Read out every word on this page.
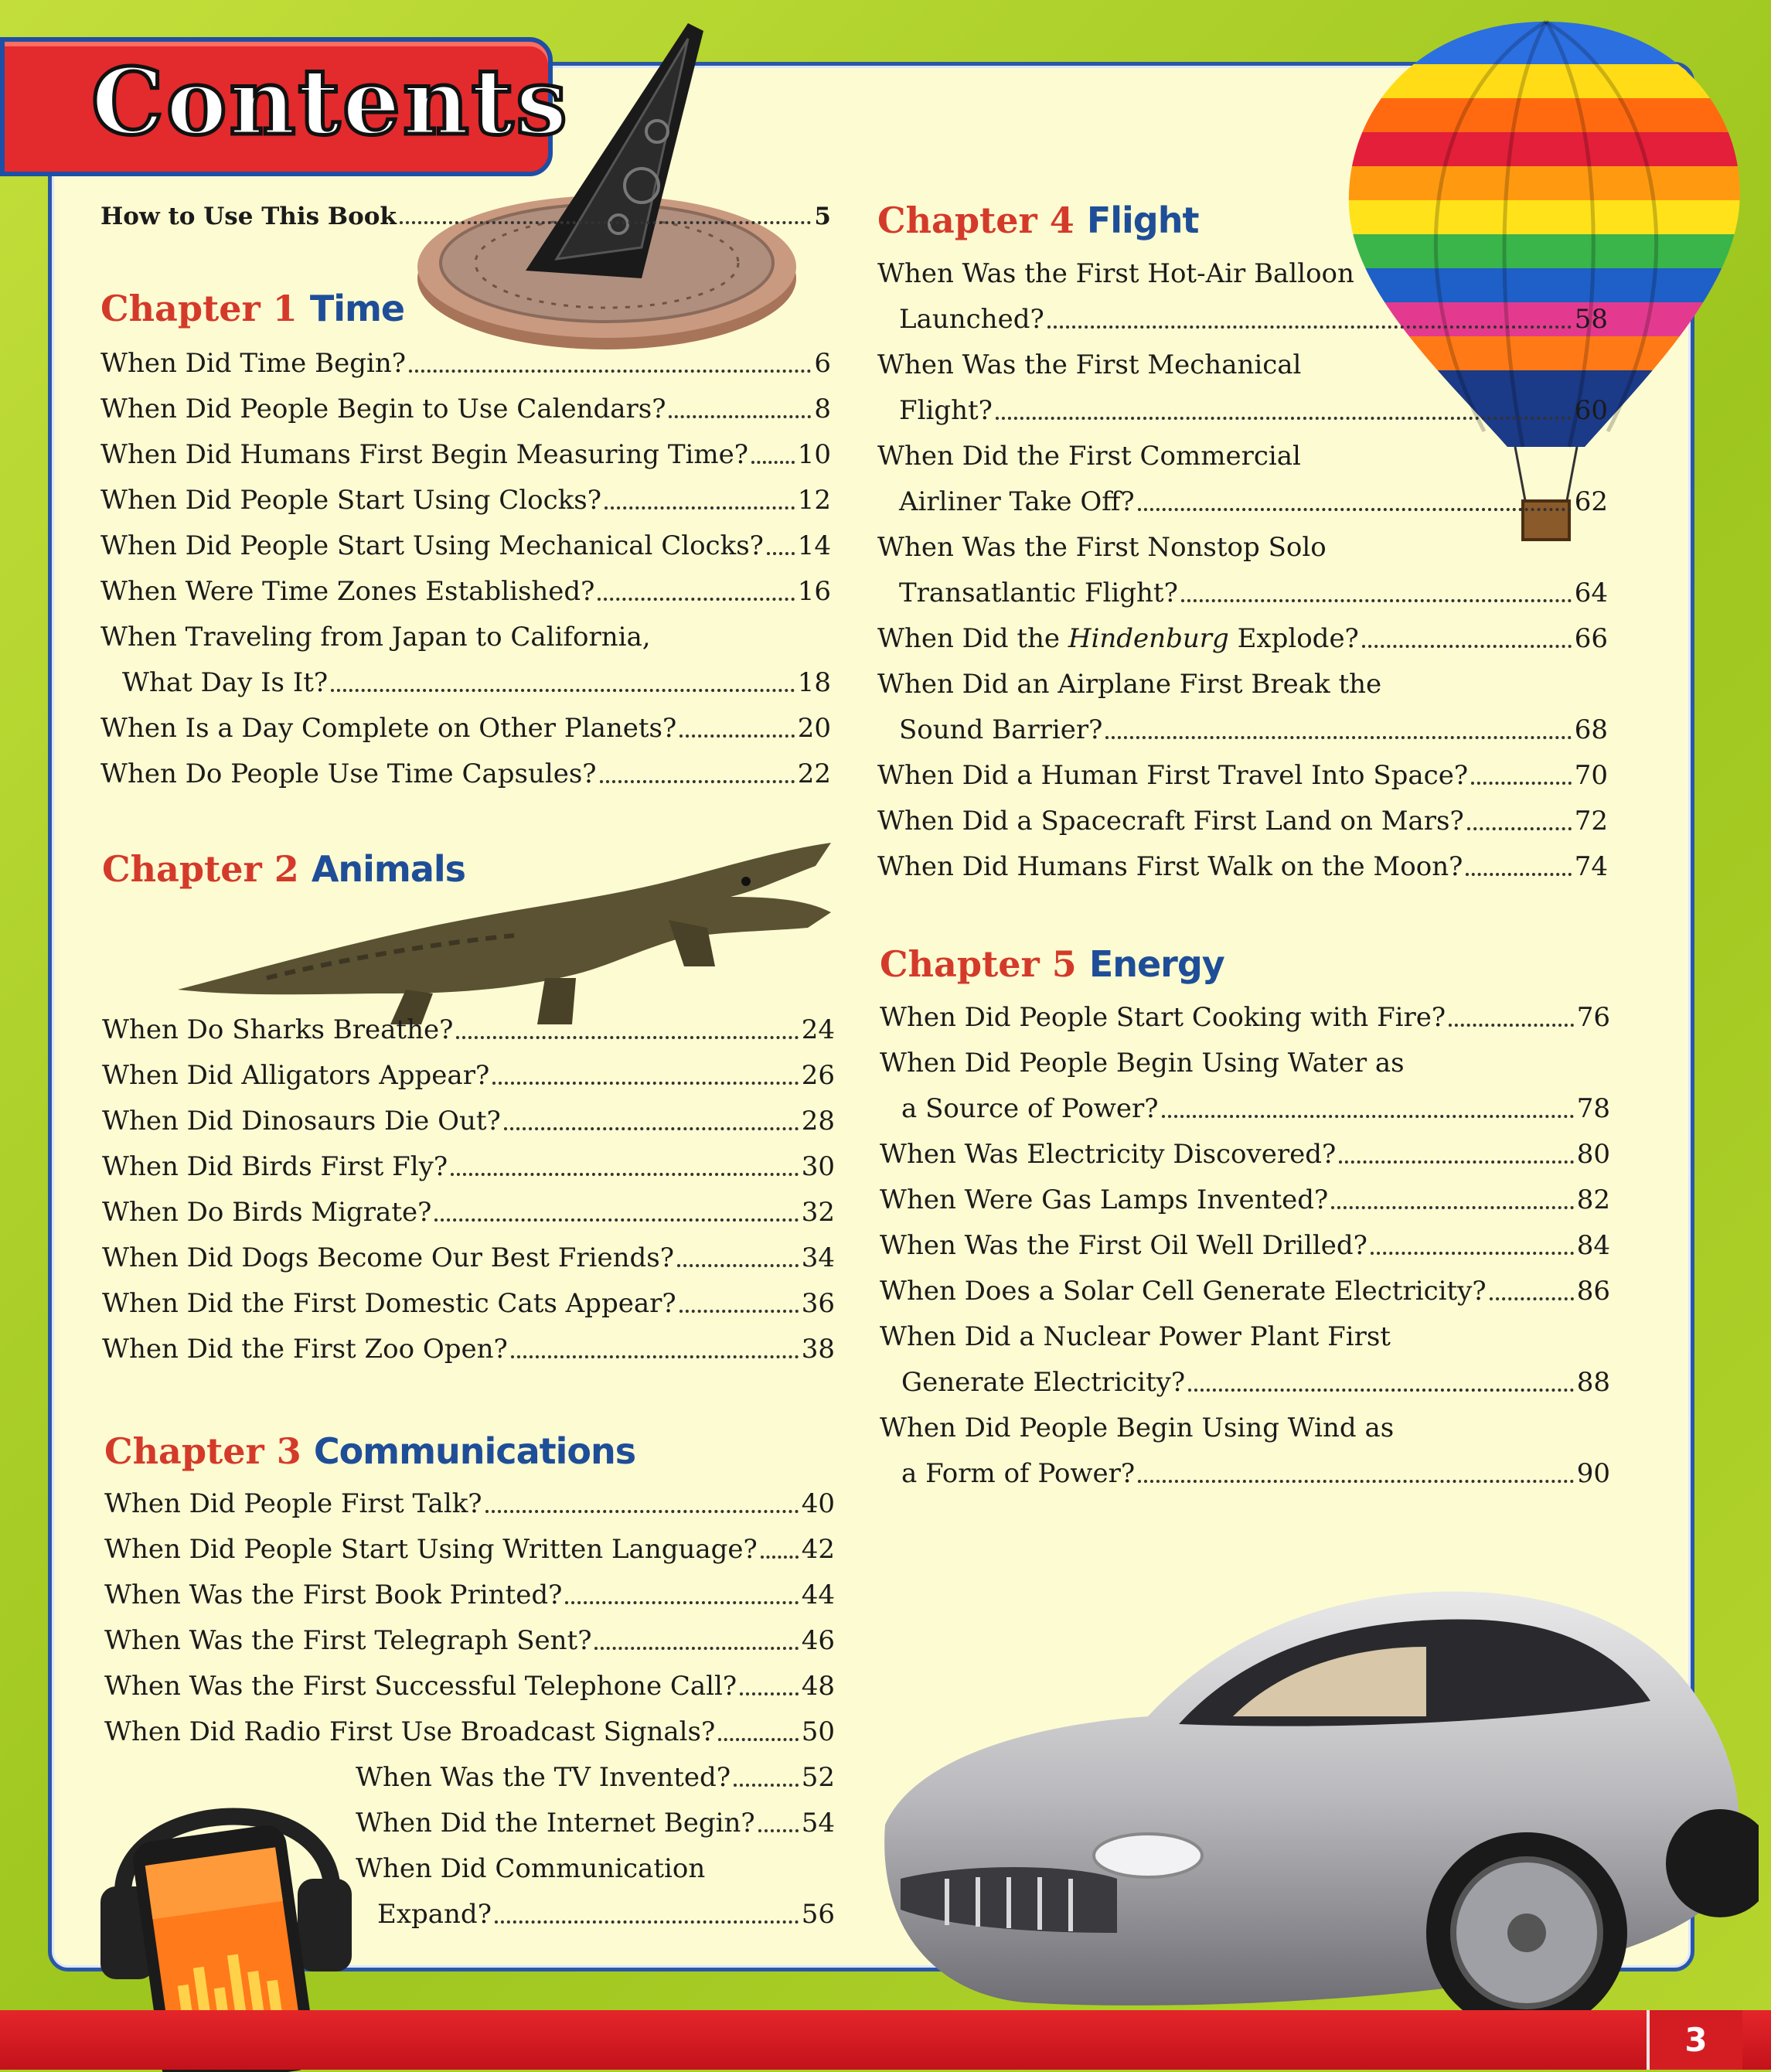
Contents
3
How to Use This Book	5
Chapter 1 Time
When Did Time Begin?	6
When Did People Begin to Use Calendars?	8
When Did Humans First Begin Measuring Time? 10
When Did People Start Using Clocks?	12
When Did People Start Using Mechanical Clocks? 14
When Were Time Zones Established?	16
When Traveling from Japan to California,
What Day Is It?	18
When Is a Day Complete on Other Planets?	20
When Do People Use Time Capsules?	22
Chapter 2 Animals
When Do Sharks Breathe?	24
When Did Alligators Appear?	26
When Did Dinosaurs Die Out?	28
When Did Birds First Fly?	30
When Do Birds Migrate?	32
When Did Dogs Become Our Best Friends?	34
When Did the First Domestic Cats Appear?	36
When Did the First Zoo Open?	38
Chapter 3 Communications
When Did People First Talk?	40
When Did People Start Using Written Language? 42
When Was the First Book Printed?	44
When Was the First Telegraph Sent?	46
When Was the First Successful Telephone Call? 48
When Did Radio First Use Broadcast Signals?	50
When Was the TV Invented?	52
When Did the Internet Begin? 54
When Did Communication
Expand?	56
Chapter 4 Flight
When Was the First Hot-Air Balloon
Launched?	58
When Was the First Mechanical
Flight?	60
When Did the First Commercial
Airliner Take Off?	62
When Was the First Nonstop Solo
Transatlantic Flight?	64
When Did the Hindenburg Explode?	66
When Did an Airplane First Break the
Sound Barrier?	68
When Did a Human First Travel Into Space?	70
When Did a Spacecraft First Land on Mars?	72
When Did Humans First Walk on the Moon?	74
Chapter 5 Energy
When Did People Start Cooking with Fire?	76
When Did People Begin Using Water as
a Source of Power?	78
When Was Electricity Discovered?	80
When Were Gas Lamps Invented?	82
When Was the First Oil Well Drilled?	84
When Does a Solar Cell Generate Electricity?	86
When Did a Nuclear Power Plant First
Generate Electricity?	88
When Did People Begin Using Wind as
a Form of Power?	90
